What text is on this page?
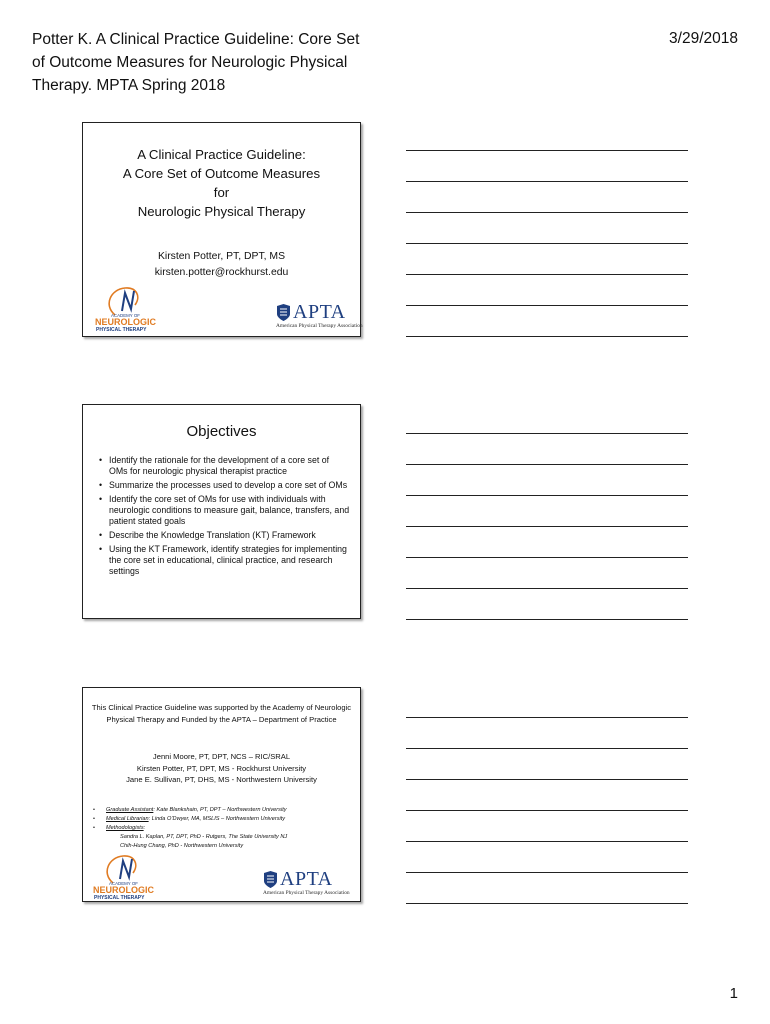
Potter K. A Clinical Practice Guideline: Core Set of Outcome Measures for Neurologic Physical Therapy. MPTA Spring 2018
3/29/2018
A Clinical Practice Guideline:
A Core Set of Outcome Measures
for
Neurologic Physical Therapy
Kirsten Potter, PT, DPT, MS
kirsten.potter@rockhurst.edu
ACADEMY OF
NEUROLOGIC
PHYSICAL THERAPY
APTA
American Physical Therapy Association
Objectives
• Identify the rationale for the development of a core set of OMs for neurologic physical therapist practice
• Summarize the processes used to develop a core set of OMs
• Identify the core set of OMs for use with individuals with neurologic conditions to measure gait, balance, transfers, and patient stated goals
• Describe the Knowledge Translation (KT) Framework
• Using the KT Framework, identify strategies for implementing the core set in educational, clinical practice, and research settings
This Clinical Practice Guideline was supported by the Academy of Neurologic Physical Therapy and Funded by the APTA – Department of Practice
Jenni Moore, PT, DPT, NCS – RIC/SRAL
Kirsten Potter, PT, DPT, MS - Rockhurst University
Jane E. Sullivan, PT, DHS, MS - Northwestern University
• Graduate Assistant: Kate Blankshain, PT, DPT – Northwestern University
• Medical Librarian: Linda O’Dwyer, MA, MSLIS – Northwestern University
• Methodologists:
Sandra L. Kaplan, PT, DPT, PhD - Rutgers, The State University NJ
Chih-Hung Chang, PhD - Northwestern University
ACADEMY OF
NEUROLOGIC
PHYSICAL THERAPY
APTA
American Physical Therapy Association
1
